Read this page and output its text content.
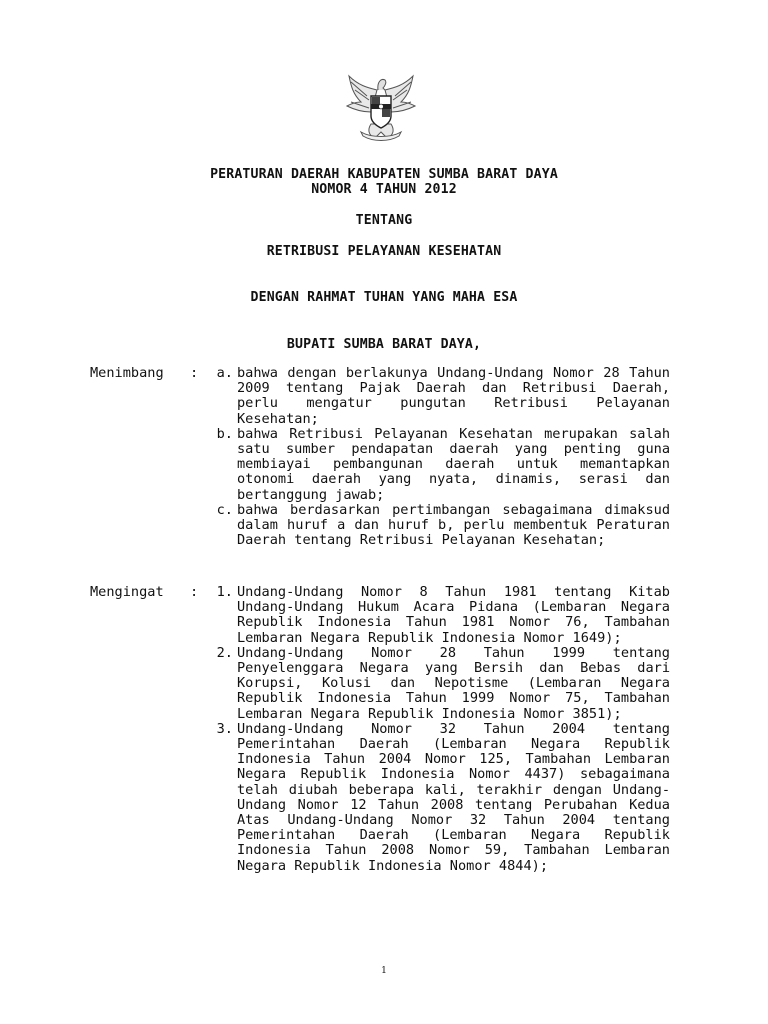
PERATURAN DAERAH KABUPATEN SUMBA BARAT DAYA
NOMOR 4 TAHUN 2012
TENTANG
RETRIBUSI PELAYANAN KESEHATAN
DENGAN RAHMAT TUHAN YANG MAHA ESA
BUPATI SUMBA BARAT DAYA,
Menimbang :	a. bahwa dengan berlakunya Undang-Undang Nomor 28 Tahun 2009 tentang Pajak Daerah dan Retribusi Daerah, perlu mengatur pungutan Retribusi Pelayanan Kesehatan;
b. bahwa Retribusi Pelayanan Kesehatan merupakan salah satu sumber pendapatan daerah yang penting guna membiayai pembangunan daerah untuk memantapkan otonomi daerah yang nyata, dinamis, serasi dan bertanggung jawab;
c. bahwa berdasarkan pertimbangan sebagaimana dimaksud dalam huruf a dan huruf b, perlu membentuk Peraturan Daerah tentang Retribusi Pelayanan Kesehatan;
Mengingat :	1. Undang-Undang Nomor 8 Tahun 1981 tentang Kitab Undang-Undang Hukum Acara Pidana (Lembaran Negara Republik Indonesia Tahun 1981 Nomor 76, Tambahan Lembaran Negara Republik Indonesia Nomor 1649);
2. Undang-Undang Nomor 28 Tahun 1999 tentang Penyelenggara Negara yang Bersih dan Bebas dari Korupsi, Kolusi dan Nepotisme (Lembaran Negara Republik Indonesia Tahun 1999 Nomor 75, Tambahan Lembaran Negara Republik Indonesia Nomor 3851);
3. Undang-Undang Nomor 32 Tahun 2004 tentang Pemerintahan Daerah (Lembaran Negara Republik Indonesia Tahun 2004 Nomor 125, Tambahan Lembaran Negara Republik Indonesia Nomor 4437) sebagaimana telah diubah beberapa kali, terakhir dengan Undang-Undang Nomor 12 Tahun 2008 tentang Perubahan Kedua Atas Undang-Undang Nomor 32 Tahun 2004 tentang Pemerintahan Daerah (Lembaran Negara Republik Indonesia Tahun 2008 Nomor 59, Tambahan Lembaran Negara Republik Indonesia Nomor 4844);
1
